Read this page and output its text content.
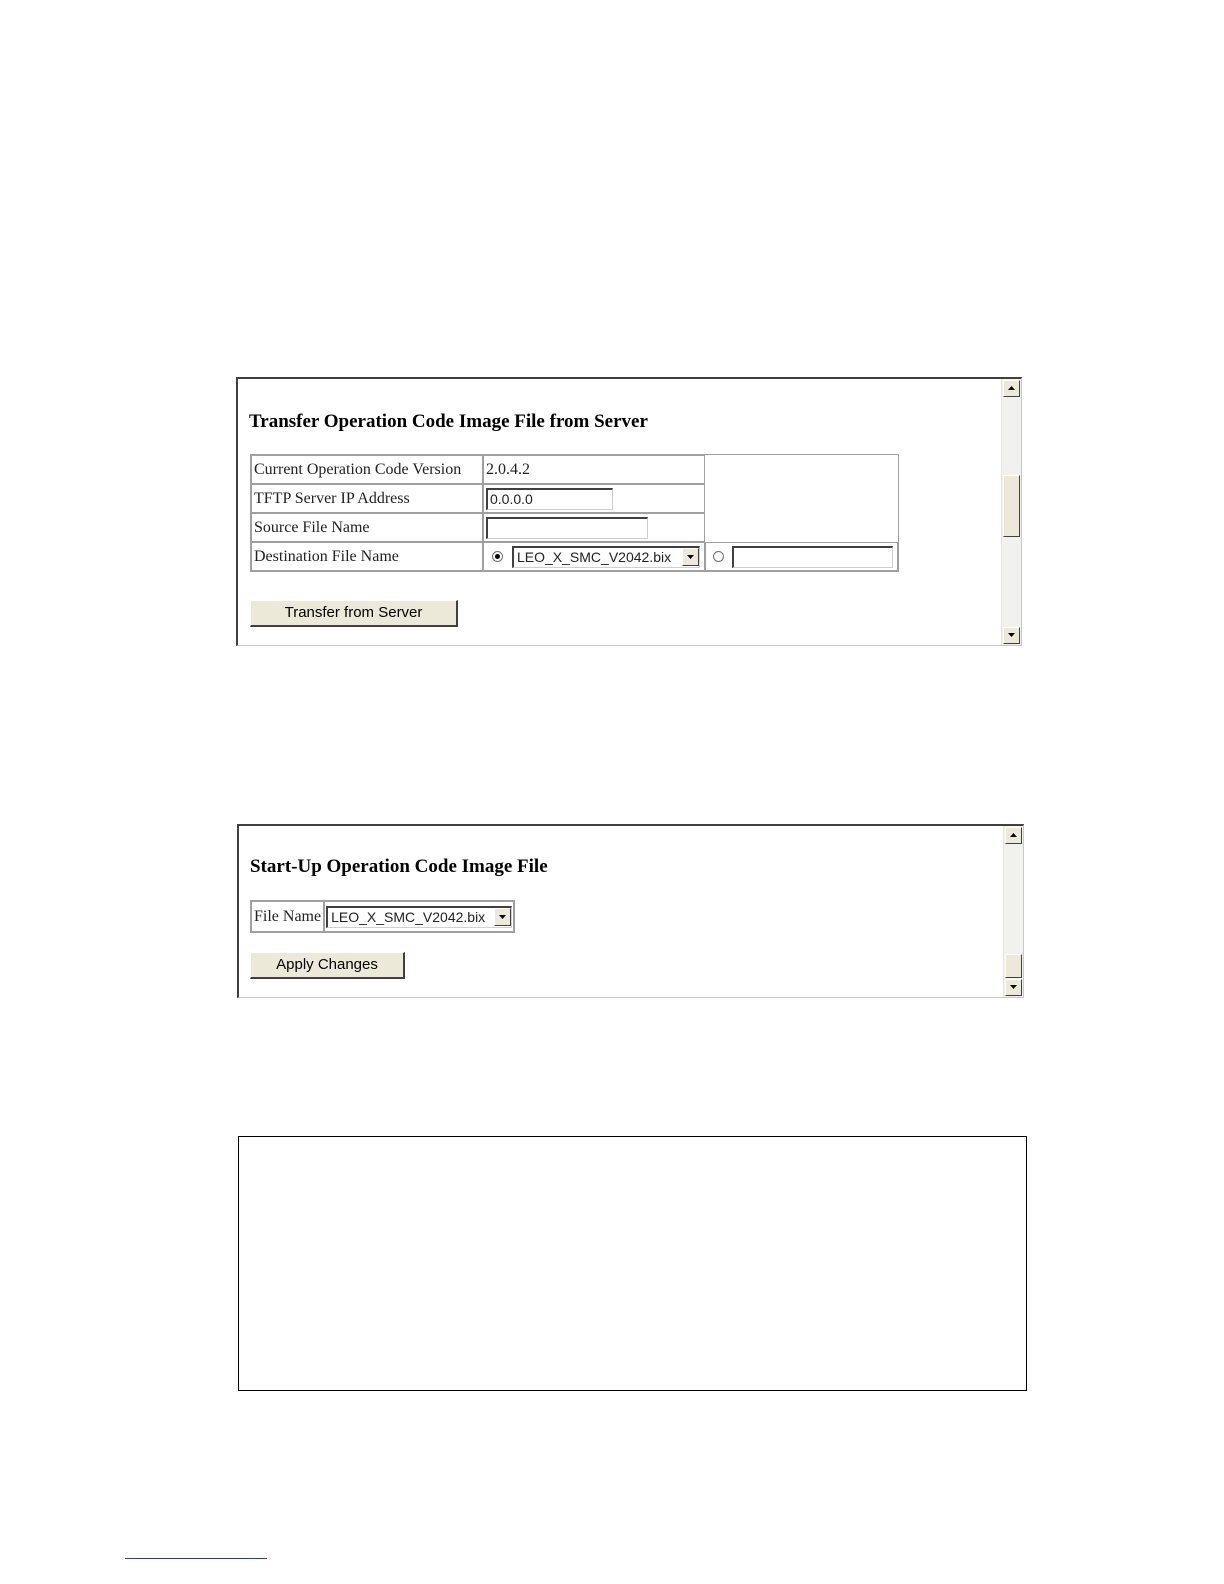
Transfer Operation Code Image File from Server
Current Operation Code Version	2.0.4.2	
TFTP Server IP Address	0.0.0.0	
Source File Name		
Destination File Name	LEO_X_SMC_V2042.bix

Transfer from Server
Start-Up Operation Code Image File
File Name	LEO_X_SMC_V2042.bix
Apply Changes
